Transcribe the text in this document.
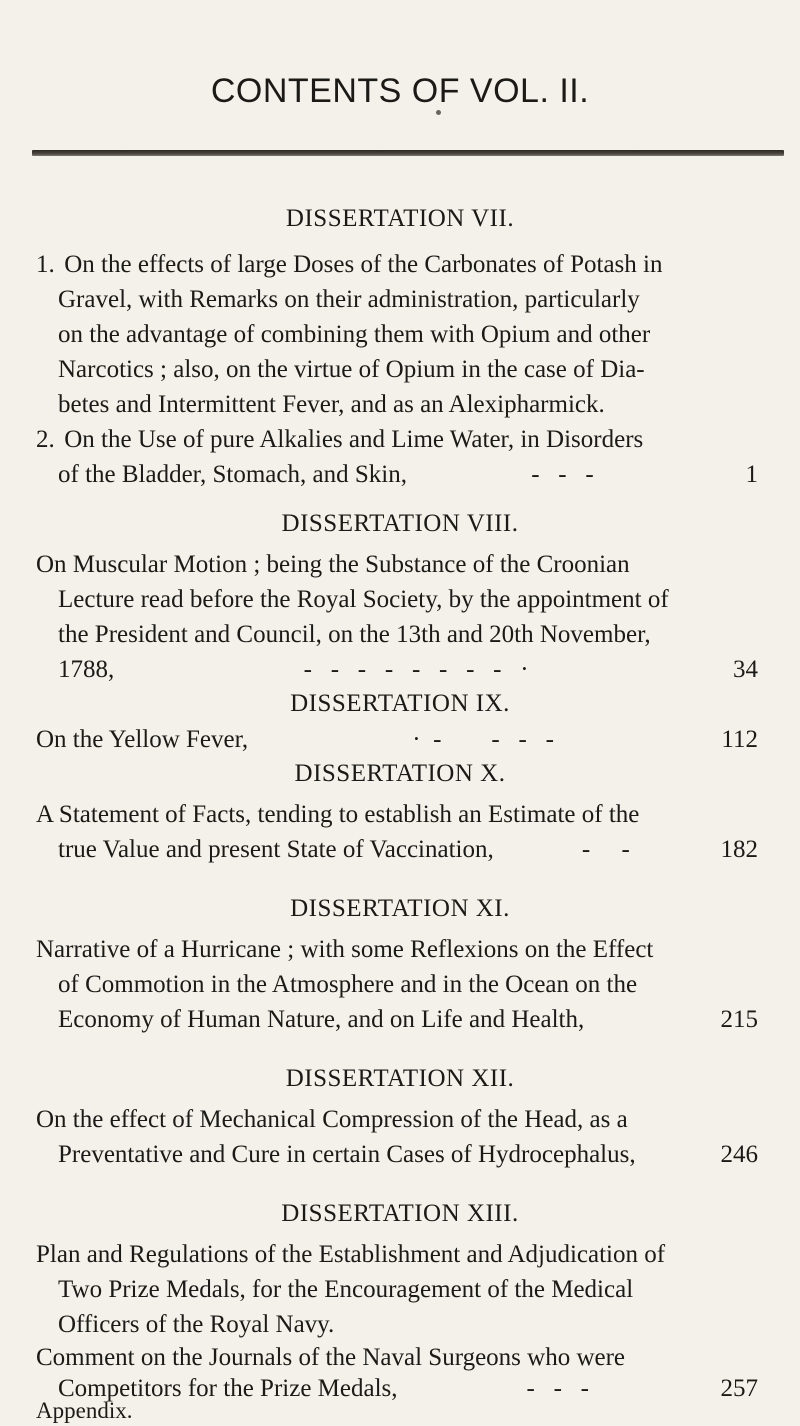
CONTENTS OF VOL. II.
DISSERTATION VII.
1. On the effects of large Doses of the Carbonates of Potash in
Gravel, with Remarks on their administration, particularly
on the advantage of combining them with Opium and other
Narcotics ; also, on the virtue of Opium in the case of Dia-
betes and Intermittent Fever, and as an Alexipharmick.
2. On the Use of pure Alkalies and Lime Water, in Disorders
of the Bladder, Stomach, and Skin,	-   -   -	1
DISSERTATION VIII.
On Muscular Motion ; being the Substance of the Croonian
Lecture read before the Royal Society, by the appointment of
the President and Council, on the 13th and 20th November,
1788,	-   -   -   -   -   -   -   -   ·	34
DISSERTATION IX.
On the Yellow Fever,	·  -        -   -   -	112
DISSERTATION X.
A Statement of Facts, tending to establish an Estimate of the
true Value and present State of Vaccination,	-     -	182
DISSERTATION XI.
Narrative of a Hurricane ; with some Reflexions on the Effect
of Commotion in the Atmosphere and in the Ocean on the
Economy of Human Nature, and on Life and Health,	215
DISSERTATION XII.
On the effect of Mechanical Compression of the Head, as a
Preventative and Cure in certain Cases of Hydrocephalus,	246
DISSERTATION XIII.
Plan and Regulations of the Establishment and Adjudication of
Two Prize Medals, for the Encouragement of the Medical
Officers of the Royal Navy.
Comment on the Journals of the Naval Surgeons who were
Competitors for the Prize Medals,	-   -   -	257
Appendix.
